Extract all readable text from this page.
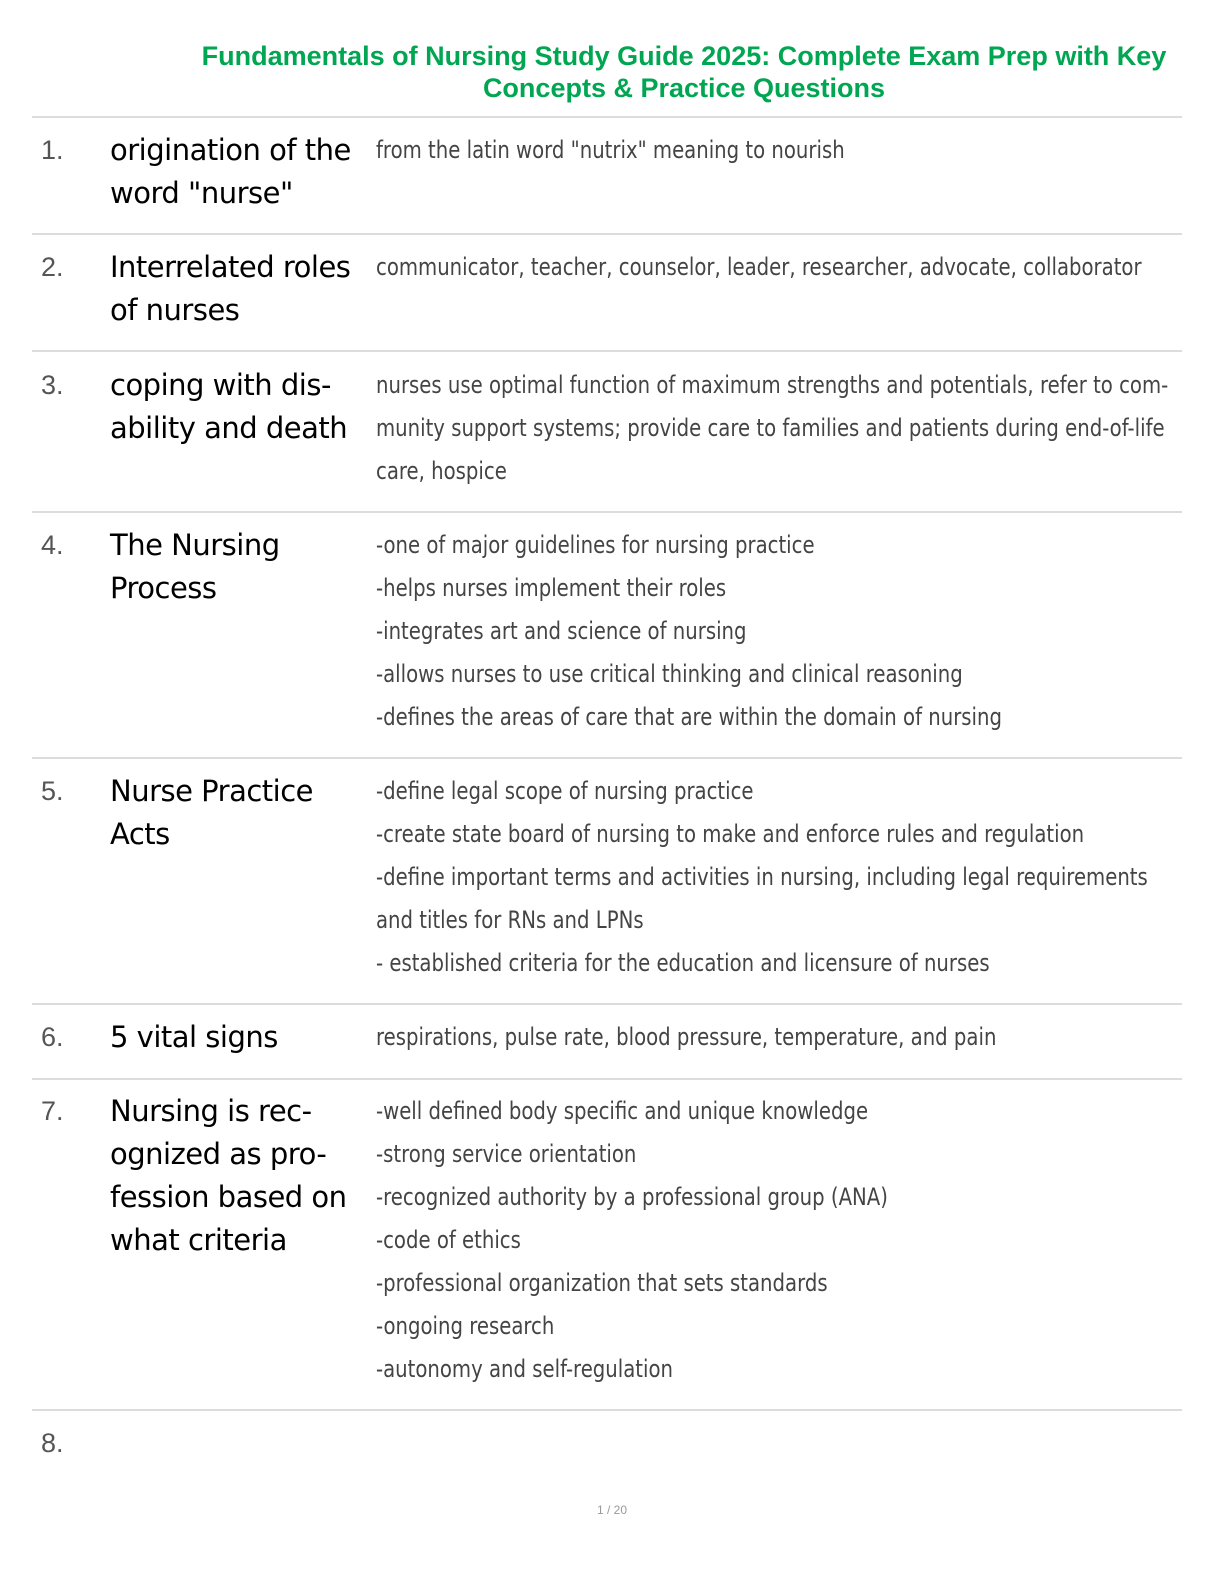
Fundamentals of Nursing Study Guide 2025: Complete Exam Prep with Key
Concepts & Practice Questions
1. origination of the
word "nurse"
from the latin word "nutrix" meaning to nourish
2. Interrelated roles
of nurses
communicator, teacher, counselor, leader, researcher, advocate, collaborator
3. coping with dis-
ability and death
nurses use optimal function of maximum strengths and potentials, refer to com-
munity support systems; provide care to families and patients during end-of-life
care, hospice
4. The Nursing
Process
-one of major guidelines for nursing practice
-helps nurses implement their roles
-integrates art and science of nursing
-allows nurses to use critical thinking and clinical reasoning
-defines the areas of care that are within the domain of nursing
5. Nurse Practice
Acts
-define legal scope of nursing practice
-create state board of nursing to make and enforce rules and regulation
-define important terms and activities in nursing, including legal requirements
and titles for RNs and LPNs
- established criteria for the education and licensure of nurses
6. 5 vital signs	respirations, pulse rate, blood pressure, temperature, and pain
7. Nursing is rec-
ognized as pro-
fession based on
what criteria
-well defined body specific and unique knowledge
-strong service orientation
-recognized authority by a professional group (ANA)
-code of ethics
-professional organization that sets standards
-ongoing research
-autonomy and self-regulation
8.
1 / 20
